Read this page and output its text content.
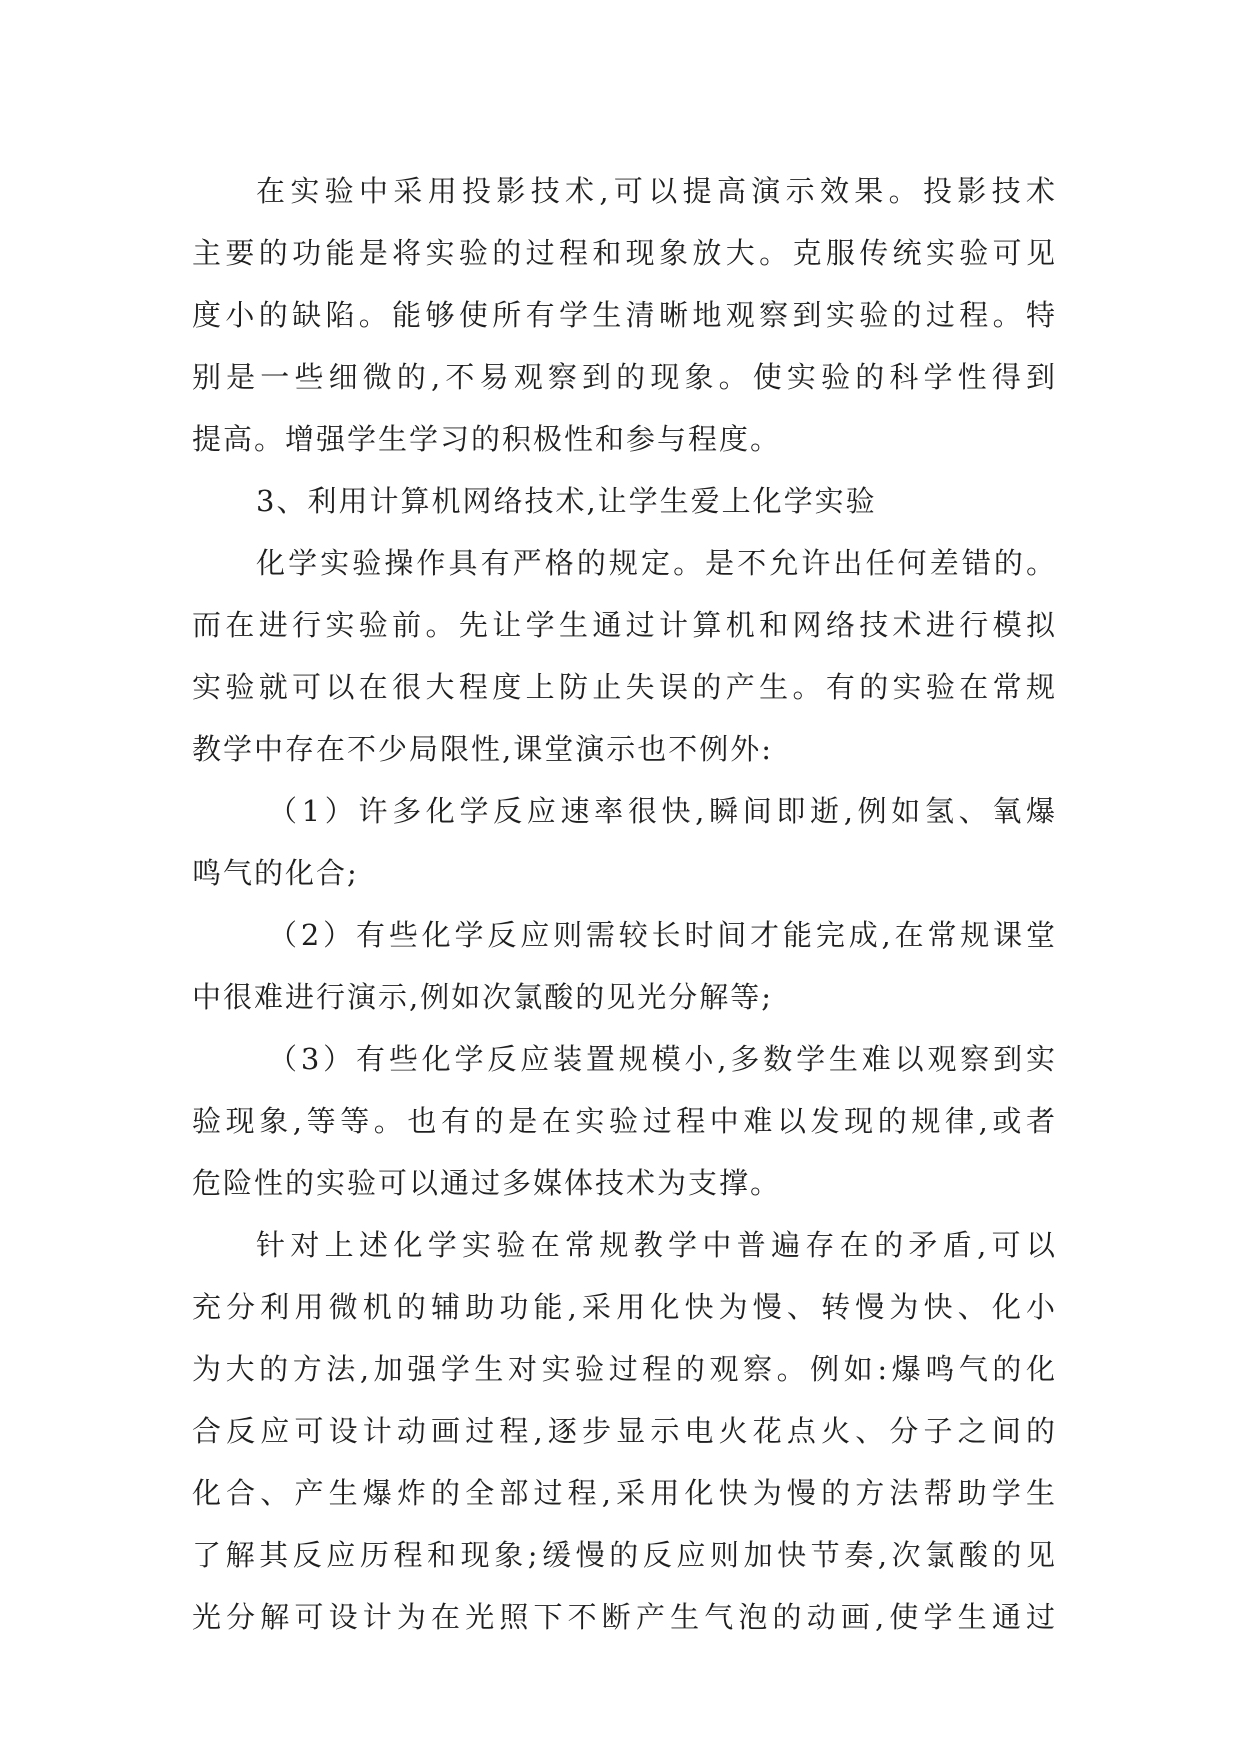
在实验中采用投影技术,可以提高演示效果。投影技术
主要的功能是将实验的过程和现象放大。克服传统实验可见
度小的缺陷。能够使所有学生清晰地观察到实验的过程。特
别是一些细微的,不易观察到的现象。使实验的科学性得到
提高。增强学生学习的积极性和参与程度。
3、利用计算机网络技术,让学生爱上化学实验
化学实验操作具有严格的规定。是不允许出任何差错的。
而在进行实验前。先让学生通过计算机和网络技术进行模拟
实验就可以在很大程度上防止失误的产生。有的实验在常规
教学中存在不少局限性,课堂演示也不例外:
（1）许多化学反应速率很快,瞬间即逝,例如氢、氧爆
鸣气的化合;
（2）有些化学反应则需较长时间才能完成,在常规课堂
中很难进行演示,例如次氯酸的见光分解等;
（3）有些化学反应装置规模小,多数学生难以观察到实
验现象,等等。也有的是在实验过程中难以发现的规律,或者
危险性的实验可以通过多媒体技术为支撑。
针对上述化学实验在常规教学中普遍存在的矛盾,可以
充分利用微机的辅助功能,采用化快为慢、转慢为快、化小
为大的方法,加强学生对实验过程的观察。例如:爆鸣气的化
合反应可设计动画过程,逐步显示电火花点火、分子之间的
化合、产生爆炸的全部过程,采用化快为慢的方法帮助学生
了解其反应历程和现象;缓慢的反应则加快节奏,次氯酸的见
光分解可设计为在光照下不断产生气泡的动画,使学生通过
